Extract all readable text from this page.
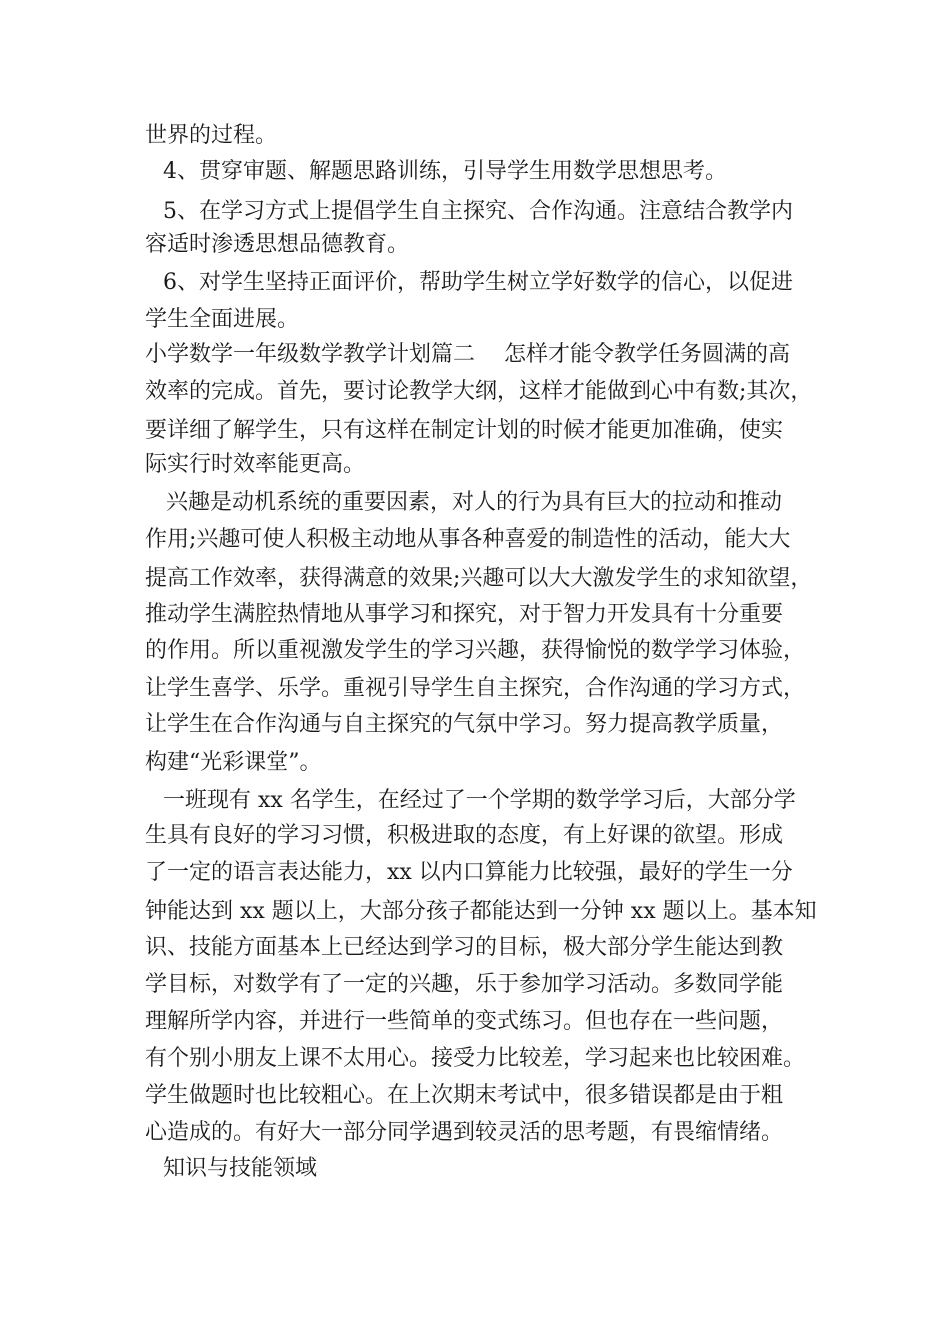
世界的过程。
4、贯穿审题、解题思路训练，引导学生用数学思想思考。
5、在学习方式上提倡学生自主探究、合作沟通。注意结合教学内
容适时渗透思想品德教育。
6、对学生坚持正面评价，帮助学生树立学好数学的信心，以促进
学生全面进展。
小学数学一年级数学教学计划篇二　 怎样才能令教学任务圆满的高
效率的完成。首先，要讨论教学大纲，这样才能做到心中有数;其次，
要详细了解学生，只有这样在制定计划的时候才能更加准确，使实
际实行时效率能更高。
兴趣是动机系统的重要因素，对人的行为具有巨大的拉动和推动
作用;兴趣可使人积极主动地从事各种喜爱的制造性的活动，能大大
提高工作效率，获得满意的效果;兴趣可以大大激发学生的求知欲望，
推动学生满腔热情地从事学习和探究，对于智力开发具有十分重要
的作用。所以重视激发学生的学习兴趣，获得愉悦的数学学习体验，
让学生喜学、乐学。重视引导学生自主探究，合作沟通的学习方式，
让学生在合作沟通与自主探究的气氛中学习。努力提高教学质量，
构建“光彩课堂”。
一班现有 xx 名学生，在经过了一个学期的数学学习后，大部分学
生具有良好的学习习惯，积极进取的态度，有上好课的欲望。形成
了一定的语言表达能力，xx 以内口算能力比较强，最好的学生一分
钟能达到 xx 题以上，大部分孩子都能达到一分钟 xx 题以上。基本知
识、技能方面基本上已经达到学习的目标，极大部分学生能达到教
学目标，对数学有了一定的兴趣，乐于参加学习活动。多数同学能
理解所学内容，并进行一些简单的变式练习。但也存在一些问题，
有个别小朋友上课不太用心。接受力比较差，学习起来也比较困难。
学生做题时也比较粗心。在上次期末考试中，很多错误都是由于粗
心造成的。有好大一部分同学遇到较灵活的思考题，有畏缩情绪。
知识与技能领域
